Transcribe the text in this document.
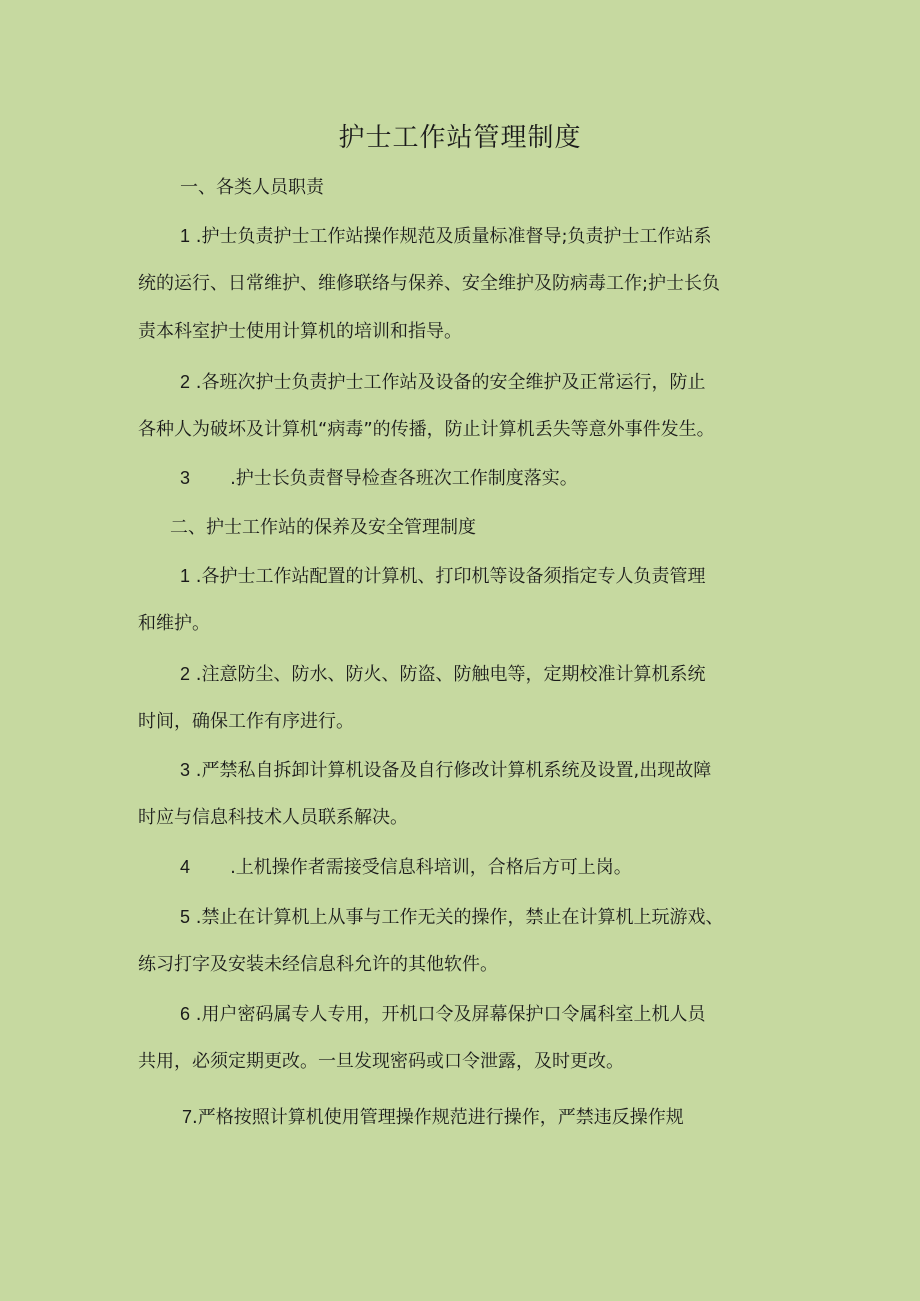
护士工作站管理制度
一、各类人员职责
1 .护士负责护士工作站操作规范及质量标准督导;负责护士工作站系
统的运行、日常维护、维修联络与保养、安全维护及防病毒工作;护士长负
责本科室护士使用计算机的培训和指导。
2 .各班次护士负责护士工作站及设备的安全维护及正常运行，防止
各种人为破坏及计算机“病毒”的传播，防止计算机丢失等意外事件发生。
3 .护士长负责督导检查各班次工作制度落实。
二、护士工作站的保养及安全管理制度
1 .各护士工作站配置的计算机、打印机等设备须指定专人负责管理
和维护。
2 .注意防尘、防水、防火、防盗、防触电等，定期校准计算机系统
时间，确保工作有序进行。
3 .严禁私自拆卸计算机设备及自行修改计算机系统及设置,出现故障
时应与信息科技术人员联系解决。
4 .上机操作者需接受信息科培训，合格后方可上岗。
5 .禁止在计算机上从事与工作无关的操作，禁止在计算机上玩游戏、
练习打字及安装未经信息科允许的其他软件。
6 .用户密码属专人专用，开机口令及屏幕保护口令属科室上机人员
共用，必须定期更改。一旦发现密码或口令泄露，及时更改。
7.严格按照计算机使用管理操作规范进行操作，严禁违反操作规
